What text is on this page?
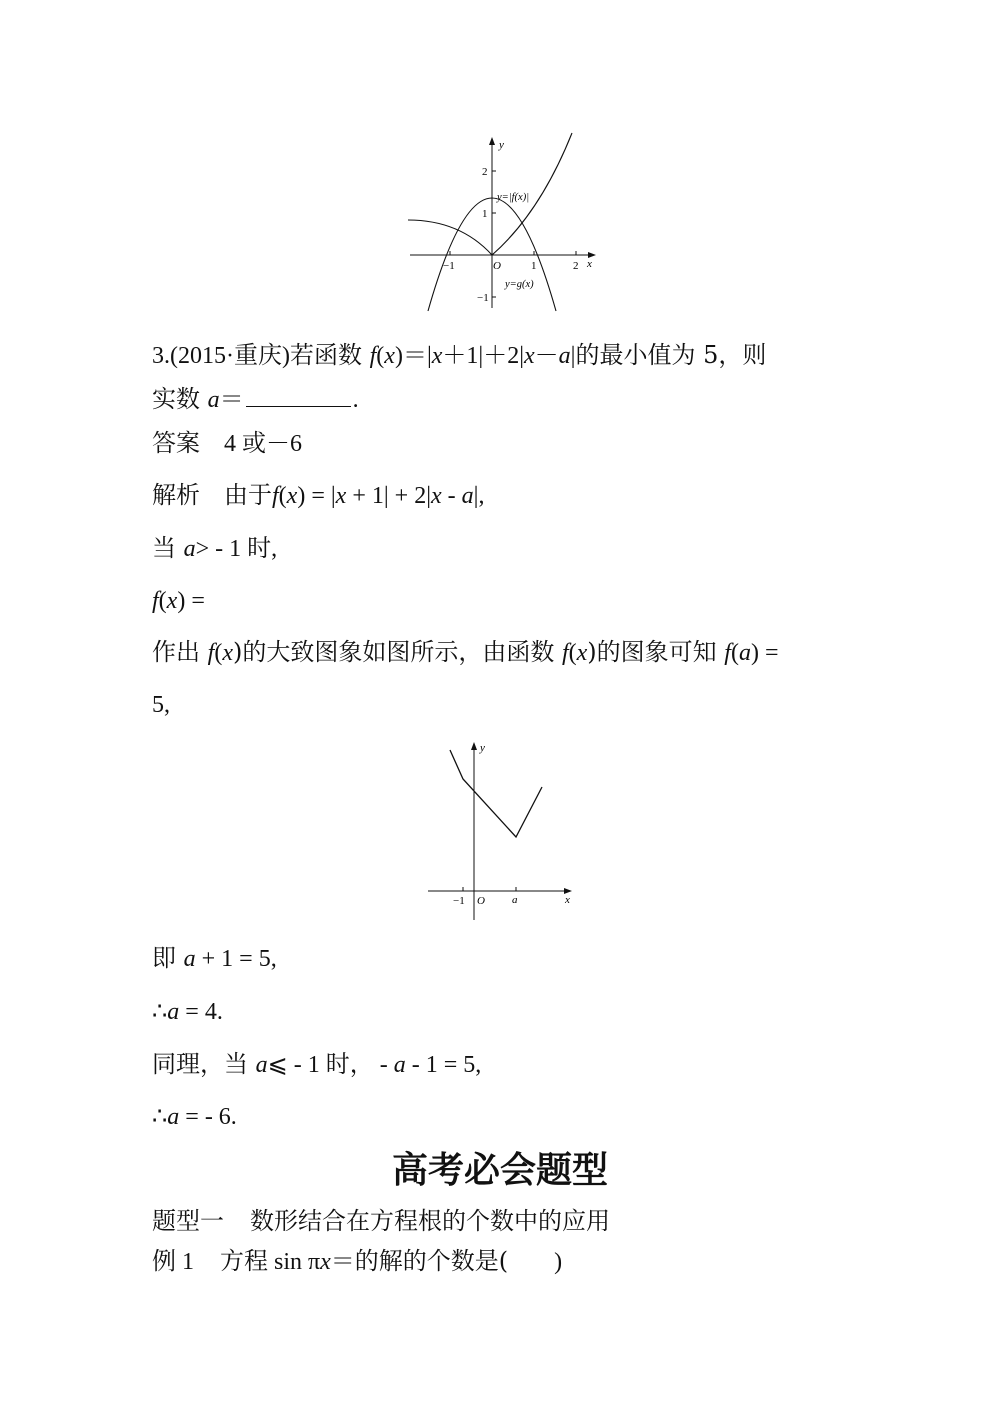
y
x
O
−1	1	2
2
1
−1
y=|f(x)|
y=g(x)
3.(2015·重庆)若函数 f(x)＝|x＋1|＋2|x－a|的最小值为 5，则
实数 a＝	.
答案 4 或－6
解析 由于f(x) = |x + 1| + 2|x - a|,
当 a> - 1 时,
f(x) =
作出 f(x)的大致图象如图所示，由函数 f(x)的图象可知 f(a) =
5,
y
x
O
−1	a
即 a + 1 = 5,
∴a = 4.
同理，当 a⩽ - 1 时， - a - 1 = 5,
∴a = - 6.
高考必会题型
题型一 数形结合在方程根的个数中的应用
例 1 方程 sin πx＝的解的个数是( )
